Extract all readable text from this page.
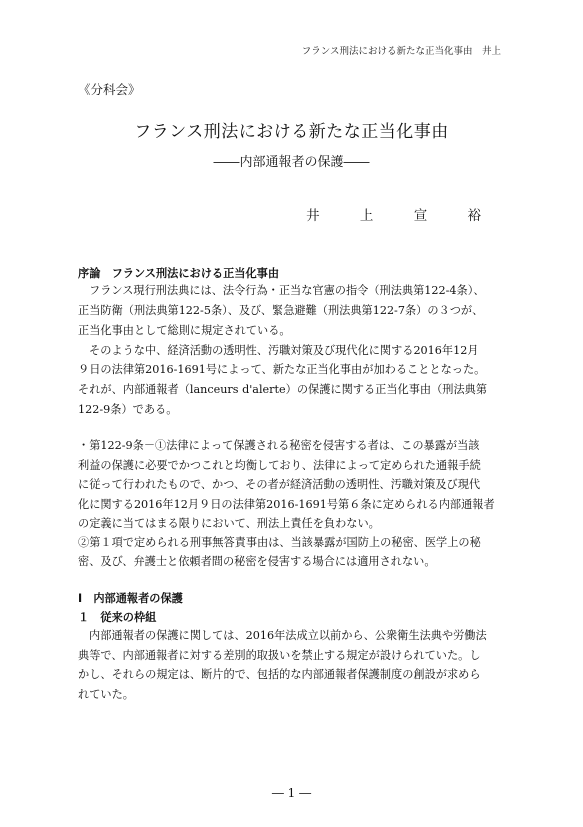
フランス刑法における新たな正当化事由　井上
《分科会》
フランス刑法における新たな正当化事由
――内部通報者の保護――
井 上 宣 裕
序論　フランス刑法における正当化事由
フランス現行刑法典には、法令行為・正当な官憲の指令（刑法典第122-4条）、
正当防衛（刑法典第122-5条）、及び、緊急避難（刑法典第122-7条）の３つが、
正当化事由として総則に規定されている。
そのような中、経済活動の透明性、汚職対策及び現代化に関する2016年12月
９日の法律第2016-1691号によって、新たな正当化事由が加わることとなった。
それが、内部通報者（lanceurs d'alerte）の保護に関する正当化事由（刑法典第
122-9条）である。
・第122-9条－①法律によって保護される秘密を侵害する者は、この暴露が当該
利益の保護に必要でかつこれと均衡しており、法律によって定められた通報手続
に従って行われたもので、かつ、その者が経済活動の透明性、汚職対策及び現代
化に関する2016年12月９日の法律第2016-1691号第６条に定められる内部通報者
の定義に当てはまる限りにおいて、刑法上責任を負わない。
②第１項で定められる刑事無答責事由は、当該暴露が国防上の秘密、医学上の秘
密、及び、弁護士と依頼者間の秘密を侵害する場合には適用されない。
Ⅰ　内部通報者の保護
１　従来の枠組
内部通報者の保護に関しては、2016年法成立以前から、公衆衛生法典や労働法
典等で、内部通報者に対する差別的取扱いを禁止する規定が設けられていた。し
かし、それらの規定は、断片的で、包括的な内部通報者保護制度の創設が求めら
れていた。
― 1 ―
